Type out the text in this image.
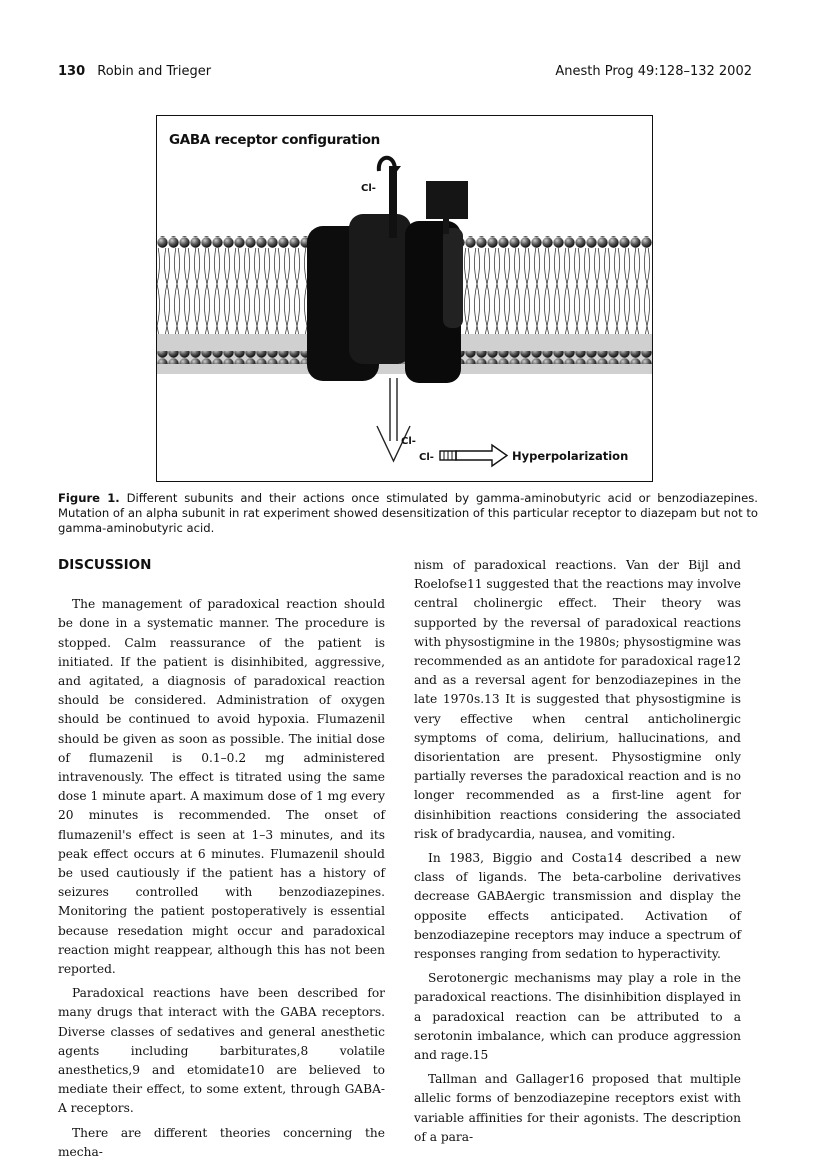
130 Robin and Trieger	Anesth Prog 49:128–132 2002
Cl-
Cl-
Cl-	Hyperpolarization

GABA receptor configuration

Figure 1. Different subunits and their actions once stimulated by gamma-aminobutyric acid or benzodiazepines. Mutation of an alpha subunit in rat experiment showed desensitization of this particular receptor to diazepam but not to gamma-aminobutyric acid.

DISCUSSION

The management of paradoxical reaction should be done in a systematic manner. The procedure is stopped. Calm reassurance of the patient is initiated. If the patient is disinhibited, aggressive, and agitated, a diagnosis of paradoxical reaction should be considered. Administration of oxygen should be continued to avoid hypoxia. Flumazenil should be given as soon as possible. The initial dose of flumazenil is 0.1–0.2 mg administered intravenously. The effect is titrated using the same dose 1 minute apart. A maximum dose of 1 mg every 20 minutes is recommended. The onset of flumazenil's effect is seen at 1–3 minutes, and its peak effect occurs at 6 minutes. Flumazenil should be used cautiously if the patient has a history of seizures controlled with benzodiazepines. Monitoring the patient postoperatively is essential because resedation might occur and paradoxical reaction might reappear, although this has not been reported.

Paradoxical reactions have been described for many drugs that interact with the GABA receptors. Diverse classes of sedatives and general anesthetic agents including barbiturates,8 volatile anesthetics,9 and etomidate10 are believed to mediate their effect, to some extent, through GABA-A receptors.

There are different theories concerning the mecha-

nism of paradoxical reactions. Van der Bijl and Roelofse11 suggested that the reactions may involve central cholinergic effect. Their theory was supported by the reversal of paradoxical reactions with physostigmine in the 1980s; physostigmine was recommended as an antidote for paradoxical rage12 and as a reversal agent for benzodiazepines in the late 1970s.13 It is suggested that physostigmine is very effective when central anticholinergic symptoms of coma, delirium, hallucinations, and disorientation are present. Physostigmine only partially reverses the paradoxical reaction and is no longer recommended as a first-line agent for disinhibition reactions considering the associated risk of bradycardia, nausea, and vomiting.

In 1983, Biggio and Costa14 described a new class of ligands. The beta-carboline derivatives decrease GABAergic transmission and display the opposite effects anticipated. Activation of benzodiazepine receptors may induce a spectrum of responses ranging from sedation to hyperactivity.

Serotonergic mechanisms may play a role in the paradoxical reactions. The disinhibition displayed in a paradoxical reaction can be attributed to a serotonin imbalance, which can produce aggression and rage.15

Tallman and Gallager16 proposed that multiple allelic forms of benzodiazepine receptors exist with variable affinities for their agonists. The description of a para-
